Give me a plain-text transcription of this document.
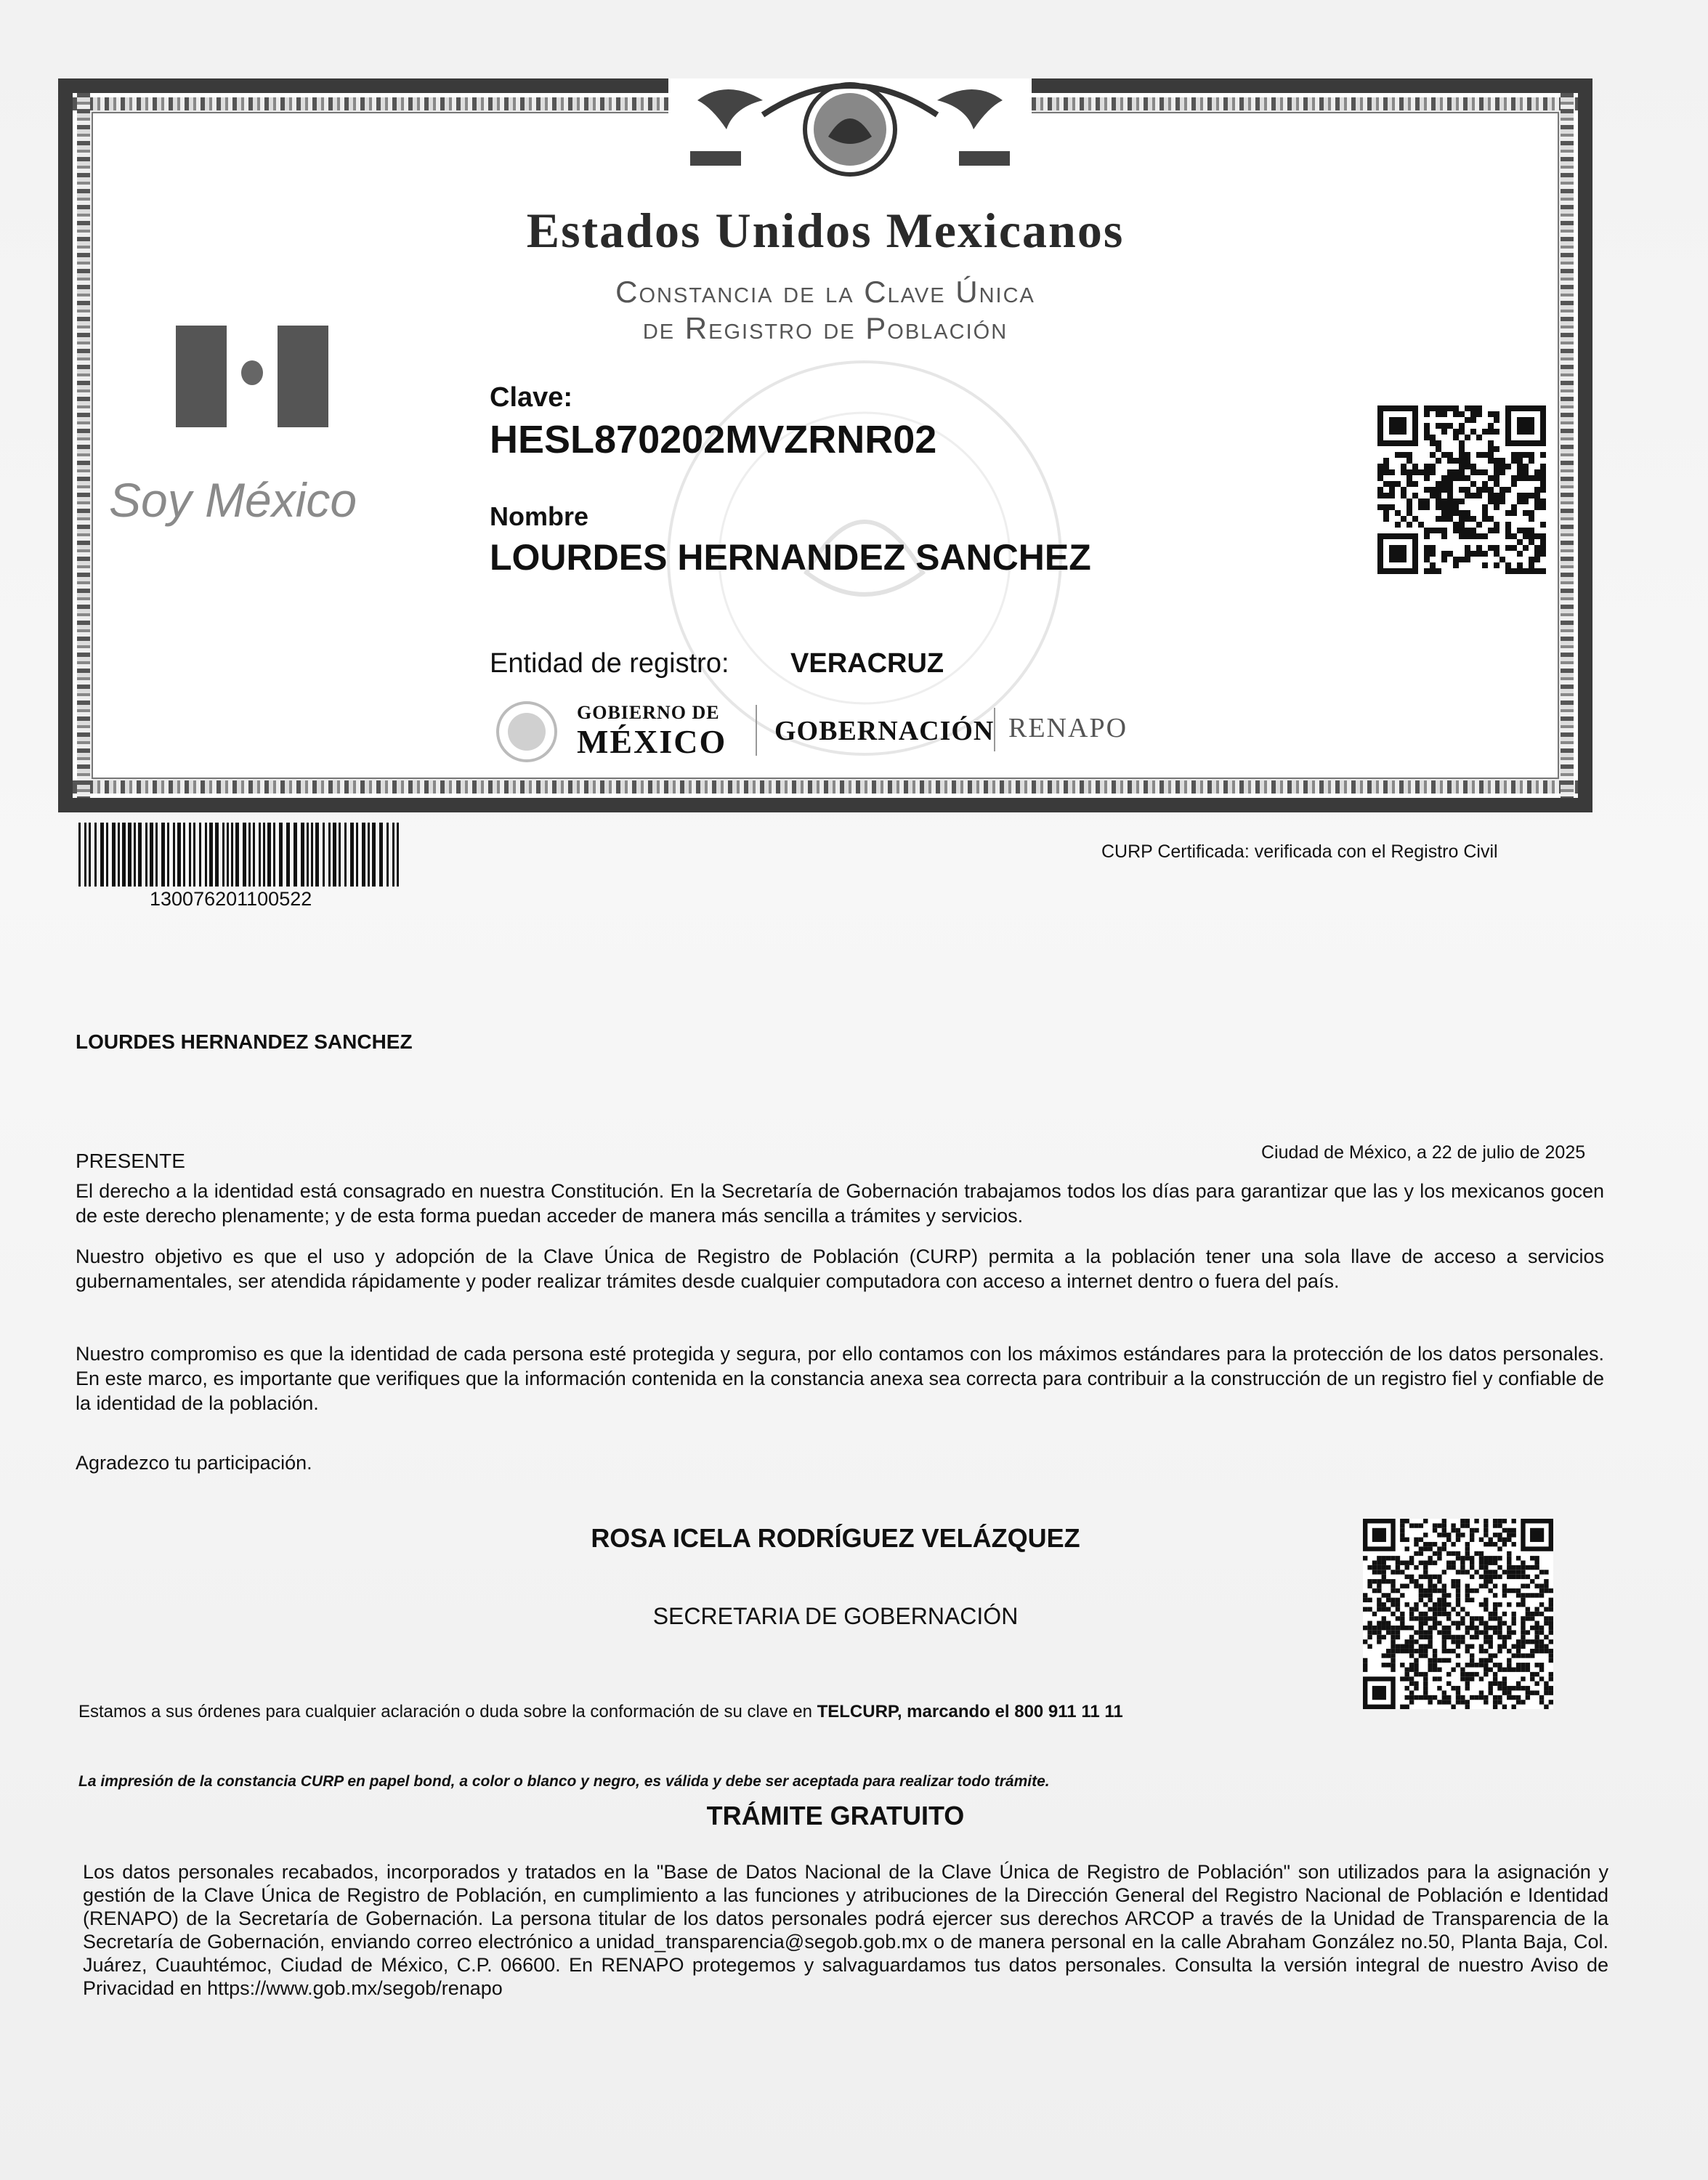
Estados Unidos Mexicanos
Constancia de la Clave Única
de Registro de Población
Soy México
Clave:
HESL870202MVZRNR02
Nombre
LOURDES HERNANDEZ SANCHEZ
Entidad de registro: VERACRUZ
GOBIERNO DE
MÉXICO GOBERNACIÓN RENAPO
130076201100522
CURP Certificada: verificada con el Registro Civil
LOURDES HERNANDEZ SANCHEZ
PRESENTE	Ciudad de México, a 22 de julio de 2025

El derecho a la identidad está consagrado en nuestra Constitución. En la Secretaría de Gobernación trabajamos todos los días para garantizar que las y los mexicanos gocen de este derecho plenamente; y de esta forma puedan acceder de manera más sencilla a trámites y servicios.

Nuestro objetivo es que el uso y adopción de la Clave Única de Registro de Población (CURP) permita a la población tener una sola llave de acceso a servicios gubernamentales, ser atendida rápidamente y poder realizar trámites desde cualquier computadora con acceso a internet dentro o fuera del país.

Nuestro compromiso es que la identidad de cada persona esté protegida y segura, por ello contamos con los máximos estándares para la protección de los datos personales. En este marco, es importante que verifiques que la información contenida en la constancia anexa sea correcta para contribuir a la construcción de un registro fiel y confiable de la identidad de la población.

Agradezco tu participación.
ROSA ICELA RODRÍGUEZ VELÁZQUEZ
SECRETARIA DE GOBERNACIÓN
Estamos a sus órdenes para cualquier aclaración o duda sobre la conformación de su clave en TELCURP, marcando el 800 911 11 11
La impresión de la constancia CURP en papel bond, a color o blanco y negro, es válida y debe ser aceptada para realizar todo trámite.
TRÁMITE GRATUITO

Los datos personales recabados, incorporados y tratados en la "Base de Datos Nacional de la Clave Única de Registro de Población" son utilizados para la asignación y gestión de la Clave Única de Registro de Población, en cumplimiento a las funciones y atribuciones de la Dirección General del Registro Nacional de Población e Identidad (RENAPO) de la Secretaría de Gobernación. La persona titular de los datos personales podrá ejercer sus derechos ARCOP a través de la Unidad de Transparencia de la Secretaría de Gobernación, enviando correo electrónico a unidad_transparencia@segob.gob.mx o de manera personal en la calle Abraham González no.50, Planta Baja, Col. Juárez, Cuauhtémoc, Ciudad de México, C.P. 06600. En RENAPO protegemos y salvaguardamos tus datos personales. Consulta la versión integral de nuestro Aviso de Privacidad en https://www.gob.mx/segob/renapo
